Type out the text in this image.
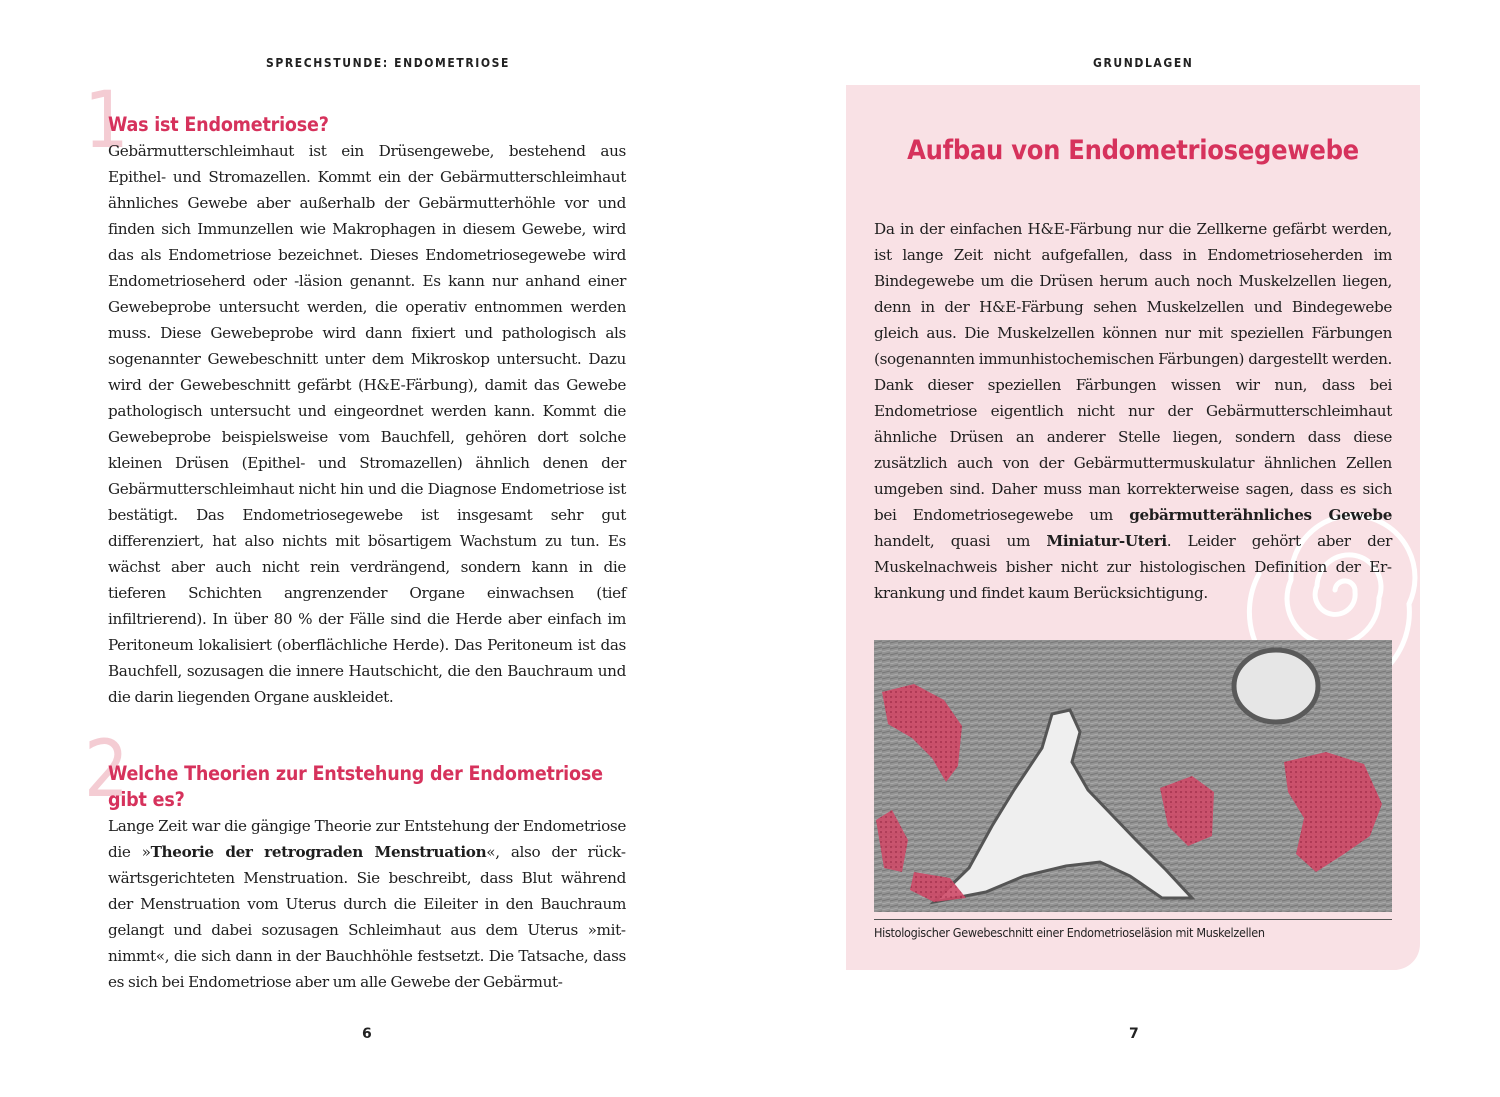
SPRECHSTUNDE: ENDOMETRIOSE
1
Was ist Endometriose?

Gebärmutterschleimhaut ist ein Drüsengewebe, bestehend aus Epithel- und Stromazellen. Kommt ein der Gebärmutterschleimhaut ähnliches Gewebe aber außerhalb der Gebärmutterhöhle vor und finden sich Immunzellen wie Makrophagen in diesem Gewebe, wird das als Endometriose bezeichnet. Dieses Endometriosegewebe wird Endometrioseherd oder -läsion genannt. Es kann nur anhand einer Gewebeprobe untersucht werden, die operativ entnommen werden muss. Diese Gewebeprobe wird dann fixiert und pathologisch als sogenannter Gewebeschnitt unter dem Mikroskop untersucht. Dazu wird der Gewebeschnitt gefärbt (H&E-Färbung), damit das Gewebe pathologisch untersucht und eingeordnet werden kann. Kommt die Gewebeprobe beispielsweise vom Bauchfell, gehören dort solche kleinen Drüsen (Epithel- und Stromazellen) ähnlich denen der Gebärmutterschleimhaut nicht hin und die Diagnose Endometriose ist bestätigt. Das Endometriosegewebe ist insgesamt sehr gut differenziert, hat also nichts mit bösartigem Wachstum zu tun. Es wächst aber auch nicht rein verdrängend, sondern kann in die tieferen Schichten angrenzender Organe einwachsen (tief infiltrierend). In über 80 % der Fälle sind die Herde aber einfach im Peritoneum lokalisiert (oberflächliche Herde). Das Peritoneum ist das Bauchfell, sozusagen die innere Hautschicht, die den Bauchraum und die darin liegenden Organe auskleidet.

2
Welche Theorien zur Entstehung der Endometriose gibt es?

Lange Zeit war die gängige Theorie zur Entstehung der Endometriose die »Theorie der retrograden Menstruation«, also der rückwärtsgerichteten Menstruation. Sie beschreibt, dass Blut während der Menstruation vom Uterus durch die Eileiter in den Bauchraum gelangt und dabei sozusagen Schleimhaut aus dem Uterus »mitnimmt«, die sich dann in der Bauchhöhle festsetzt. Die Tatsache, dass es sich bei Endometriose aber um alle Gewebe der Gebärmut-

6
GRUNDLAGEN
Aufbau von Endometriosegewebe

Da in der einfachen H&E-Färbung nur die Zellkerne gefärbt werden, ist lange Zeit nicht aufgefallen, dass in Endometrioseherden im Bindegewebe um die Drüsen herum auch noch Muskelzellen liegen, denn in der H&E-Färbung sehen Muskelzellen und Bindegewebe gleich aus. Die Muskelzellen können nur mit speziellen Färbungen (sogenannten immunhistochemischen Färbungen) dargestellt werden. Dank dieser speziellen Färbungen wissen wir nun, dass bei Endometriose eigentlich nicht nur der Gebärmutterschleimhaut ähnliche Drüsen an anderer Stelle liegen, sondern dass diese zusätzlich auch von der Gebärmuttermuskulatur ähnlichen Zellen umgeben sind. Daher muss man korrekterweise sagen, dass es sich bei Endometriosegewebe um gebärmutterähnliches Gewebe handelt, quasi um Miniatur-Uteri. Leider gehört aber der Muskelnachweis bisher nicht zur histologischen Definition der Erkrankung und findet kaum Berücksichtigung.

Histologischer Gewebeschnitt einer Endometrioseläsion mit Muskelzellen

7
